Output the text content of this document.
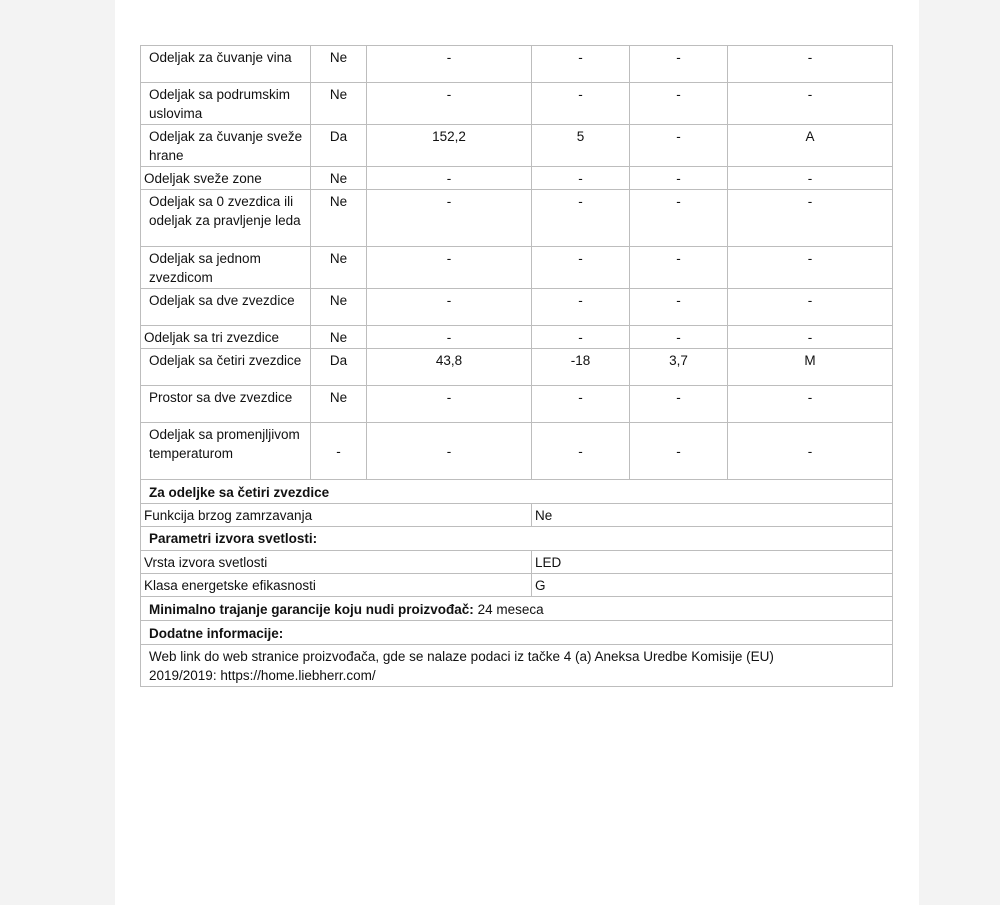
Odeljak za čuvanje vina	Ne	-	-	-	-
Odeljak sa podrumskim uslovima	Ne	-	-	-	-
Odeljak za čuvanje sveže hrane	Da	152,2	5	-	A
Odeljak sveže zone	Ne	-	-	-	-
Odeljak sa 0 zvezdica ili odeljak za pravljenje leda	Ne	-	-	-	-
Odeljak sa jednom zvezdicom	Ne	-	-	-	-
Odeljak sa dve zvezdice	Ne	-	-	-	-
Odeljak sa tri zvezdice	Ne	-	-	-	-
Odeljak sa četiri zvezdice	Da	43,8	-18	3,7	M
Prostor sa dve zvezdice	Ne	-	-	-	-
Odeljak sa promenjljivom temperaturom	-	-	-	-	-
Za odeljke sa četiri zvezdice					
Funkcija brzog zamrzavanja			Ne		
Parametri izvora svetlosti:					
Vrsta izvora svetlosti			LED		
Klasa energetske efikasnosti			G		
Minimalno trajanje garancije koju nudi proizvođač: 24 meseca					
Dodatne informacije:					

Web link do web stranice proizvođača, gde se nalaze podaci iz tačke 4 (a) Aneksa Uredbe Komisije (EU)
2019/2019: https://home.liebherr.com/					
